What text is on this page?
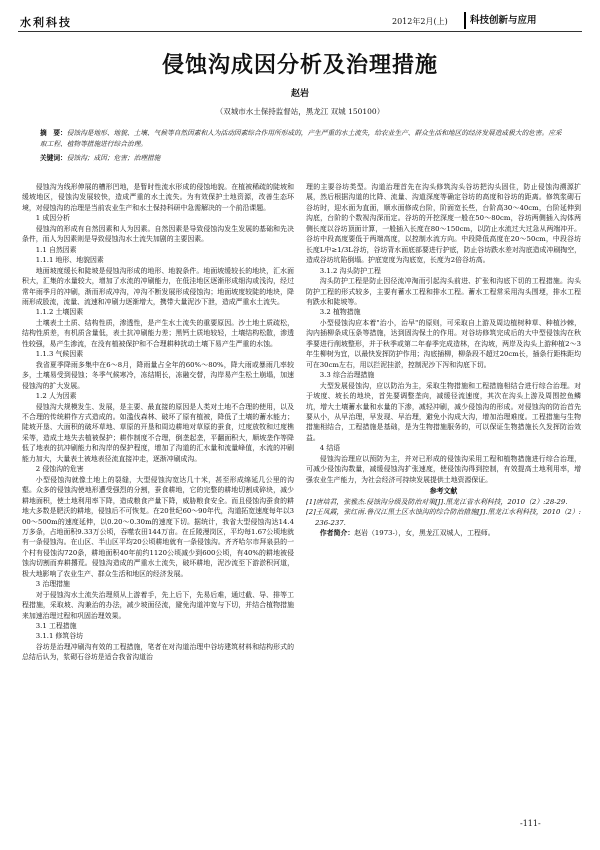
水利科技	2012年2月(上)	科技创新与应用
侵蚀沟成因分析及治理措施
赵岩
（双城市水土保持监督站，黑龙江 双城 150100）
摘　要：侵蚀沟是地形、地貌、土壤、气候等自然因素和人为活动因素综合作用所形成的，产生严重的水土流失，给农业生产、群众生活和地区的经济发展造成极大的危害。应采取工程、植物等措施进行综合治理。
关键词：侵蚀沟；成因；危害；治理措施

侵蚀沟为线形伸展的槽形凹地，是暂时性流水形成的侵蚀地貌。在植被稀疏的陡坡和缓坡地区，侵蚀沟发展较快，造成严重的水土流失。为有效保护土地资源，改善生态环境，对侵蚀沟的治理是当前农业生产和水土保持科研中急需解决的一个前沿课题。

1 成因分析

侵蚀沟的形成有自然因素和人为因素。自然因素是导致侵蚀沟发生发展的基础和先决条件，而人为因素则是导致侵蚀沟水土流失加剧的主要因素。

1.1 自然因素

1.1.1 地形、地貌因素

地面坡度缓长和陡坡是侵蚀沟形成的地形、地貌条件。地面坡缓较长的地块，汇水面积大，汇集的水量较大，增加了水流的冲刷能力，在低洼地区逐渐形成细沟或浅沟，经过常年雨季月的冲刷，渐而形成冲沟，冲沟不断发展形成侵蚀沟；地面坡度较陡的地块，降雨形成股流，流量、流速和冲刷力逐渐增大，携带大量泥沙下泄，造成严重水土流失。

1.1.2 土壤因素

土壤表土土质、结构性质，渗透性，是产生水土流失的重要原因。沙土地土质疏松，结构性质差，有机质含量低，表土抗冲刷能力差；黑钙土质地较轻，土壤结构松散，渗透性较强，易产生渗流，在没有植被保护和不合理耕种扰动土壤下易产生严重的水蚀。

1.1.3 气候因素

我省夏季降雨多集中在6～8月，降雨量占全年的60%～80%，降大雨或暴雨几率较多，土壤易受到侵蚀；冬季气候寒冷，冻结期长，冻融交替，沟岸易产生松土崩塌，加速侵蚀沟的扩大发展。

1.2 人为因素

侵蚀沟大规模发生、发展，是主要、最直接的原因是人类对土地不合理的使用，以及不合理的传统耕作方式造成的。如滥伐森林、破坏了原有植被，降低了土壤的蓄水能力；陡坡开垦、大面积的破坏草地、草原的开垦和周边耕地对草原的蚕食，过度放牧和过度樵采等，造成土地失去植被保护；耕作制度不合理，倒垄起垄，平翻面积大，顺坡垄作等降低了地表的抗冲刷能力和沟岸的保护程度，增加了沟道的汇水量和流量峰值，水流的冲刷能力加大，大量表土被地表径流直接冲走，逐渐冲刷成沟。

2 侵蚀沟的危害

小型侵蚀沟就像土地上的裂缝，大型侵蚀沟宽达几十米，甚至形成绵延几公里的沟壑。众多的侵蚀沟使地形遭受强烈的分割，蚕食耕地，它的完整的耕地切割成碎块，减少耕地面积，使土地利用率下降，造成粮食产量下降，威胁粮食安全。而且侵蚀沟蚕食的耕地大多数是肥沃的耕地，侵蚀后不可恢复。在20世纪60～90年代，沟道拓宽速度每年以300～500m的速度延伸，以0.20～0.30m的速度下切。据统计，我省大型侵蚀沟达14.4万多条，占地面积9.33万公顷，吞噬农田144万亩。在丘陵漫岗区，平均每1.67公顷地就有一条侵蚀沟。在山区、半山区平均20公顷耕地就有一条侵蚀沟。齐齐哈尔市拜泉县的一个村有侵蚀沟720条，耕地面积40年前约1120公顷减少到600公顷，有40%的耕地被侵蚀沟切割而弃耕撂荒。侵蚀沟造成的严重水土流失，破坏耕地，泥沙流至下游淤积河道，极大地影响了农业生产、群众生活和地区的经济发展。

3 治理措施

对于侵蚀沟水土流失治理须从上游着手，先上后下，先易后难，通过截、导、排等工程措施，采取坡、沟兼治的办法，减少坡面径流，避免沟道冲宽与下切，并结合植物措施来加速治理过程和巩固治理效果。

3.1 工程措施

3.1.1 修筑谷坊

谷坊是治理冲刷沟有效的工程措施，笔者在对沟道治理中谷坊建筑材料和结构形式的总结后认为，浆砌石谷坊是适合我省沟道治

理的主要谷坊类型。沟道治理首先在沟头修筑沟头谷坊把沟头固住，防止侵蚀沟溯源扩展，然后根据沟道的比降、流量、沟道深度等确定谷坊的高度和谷坊的距离。修筑浆砌石谷坊时，迎水面为直面，顺水面修成台阶，阶面宽长些，台阶高30～40cm，台阶延伸到沟底，台阶的个数视沟深而定。谷坊的开挖深度一般在50～80cm，谷坊两侧插入沟体两侧长度以谷坊顶面计算，一般插入长度在80～150cm，以防止水流过大过急从两端冲开。谷坊中段高度要低于两端高度，以控制水流方向。中段降低高度在20～50cm，中段谷坊长度L中≥1/3L谷坊，谷坊背水面底部要进行护底，防止谷坊跌水差对沟底造成冲刷掏空，造成谷坊坑陷倒塌。护底宽度为沟底宽，长度为2倍谷坊高。

3.1.2 沟头防护工程

沟头防护工程是防止因径流冲淘而引起沟头前进、扩张和沟底下切的工程措施。沟头防护工程的形式较多，主要有蓄水工程和排水工程。蓄水工程常采用沟头围埂，排水工程有跌水和陡坡等。

3.2 植物措施

小型侵蚀沟应本着"治小，治早"的原则，可采取自上游及周边植树种草、种植沙棘，沟内插柳条成压条等措施，达到固沟保土的作用。对谷坊修筑完成后的大中型侵蚀沟在秋季要进行削坡整形，并于秋季或第二年春季完成造林，在沟坡，两岸及沟头上游种植2～3年生柳树为宜，以最快发挥防护作用；沟底插柳，柳条段不超过20cm长，插条行距株距均可在30cm左右，用以拦泥挂淤，控制泥沙下泻和沟底下切。

3.3 综合治理措施

大型发展侵蚀沟，应以防治为主，采取生物措施和工程措施相结合进行综合治理。对于坡度、坡长的地块，首先要调整垄向，减缓径流速度，其次在沟头上游及周围挖鱼鳞坑，增大土壤蓄水量和水量的下渗，减轻冲刷，减少侵蚀沟的形成。对侵蚀沟的防治首先要从小，从早治理，早发现、早治理，避免小沟成大沟，增加治理难度。工程措施与生物措施相结合，工程措施是基础，是为生物措施服务的，可以保证生物措施长久发挥防治效益。

4 结语

侵蚀沟治理应以预防为主，并对已形成的侵蚀沟采用工程和植物措施进行综合治理，可减少侵蚀沟数量，减缓侵蚀沟扩张速度，使侵蚀沟得到控制，有效提高土地利用率，增强农业生产能力，为社会经济可持续发展提供土地资源保证。

参考文献

[1]唐培君，张雅杰.侵蚀沟分级及防治对策[J].黑龙江省水利科技，2010（2）:28-29.

[2]王凤霞，张红雨.鲁汉江黑土区水蚀沟的综合防治措施[J].黑龙江水利科技，2010（2）:236-237.

作者简介：赵岩（1973-），女，黑龙江双城人，工程师。

-111-
